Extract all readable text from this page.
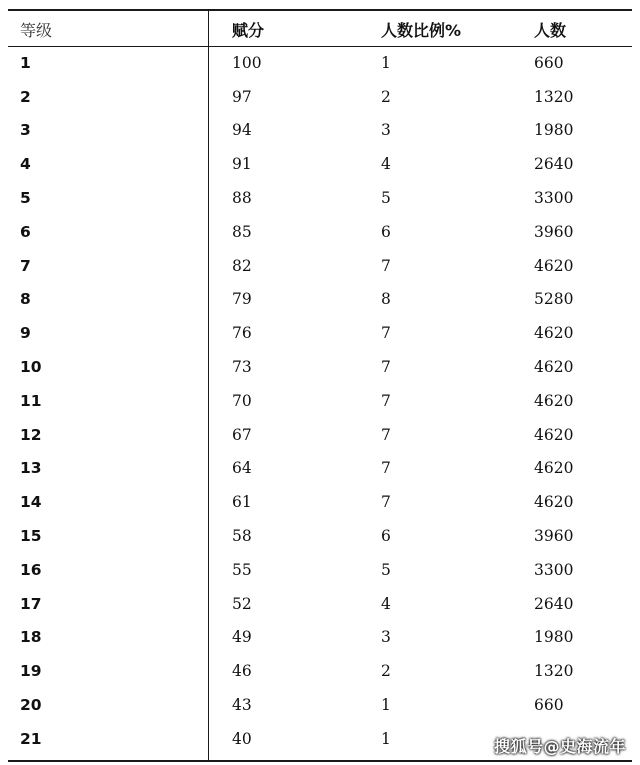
等级	赋分	人数比例%	人数
1	100	1	660
2	97	2	1320
3	94	3	1980
4	91	4	2640
5	88	5	3300
6	85	6	3960
7	82	7	4620
8	79	8	5280
9	76	7	4620
10	73	7	4620
11	70	7	4620
12	67	7	4620
13	64	7	4620
14	61	7	4620
15	58	6	3960
16	55	5	3300
17	52	4	2640
18	49	3	1980
19	46	2	1320
20	43	1	660
21	40	1		搜狐号@史海流年
